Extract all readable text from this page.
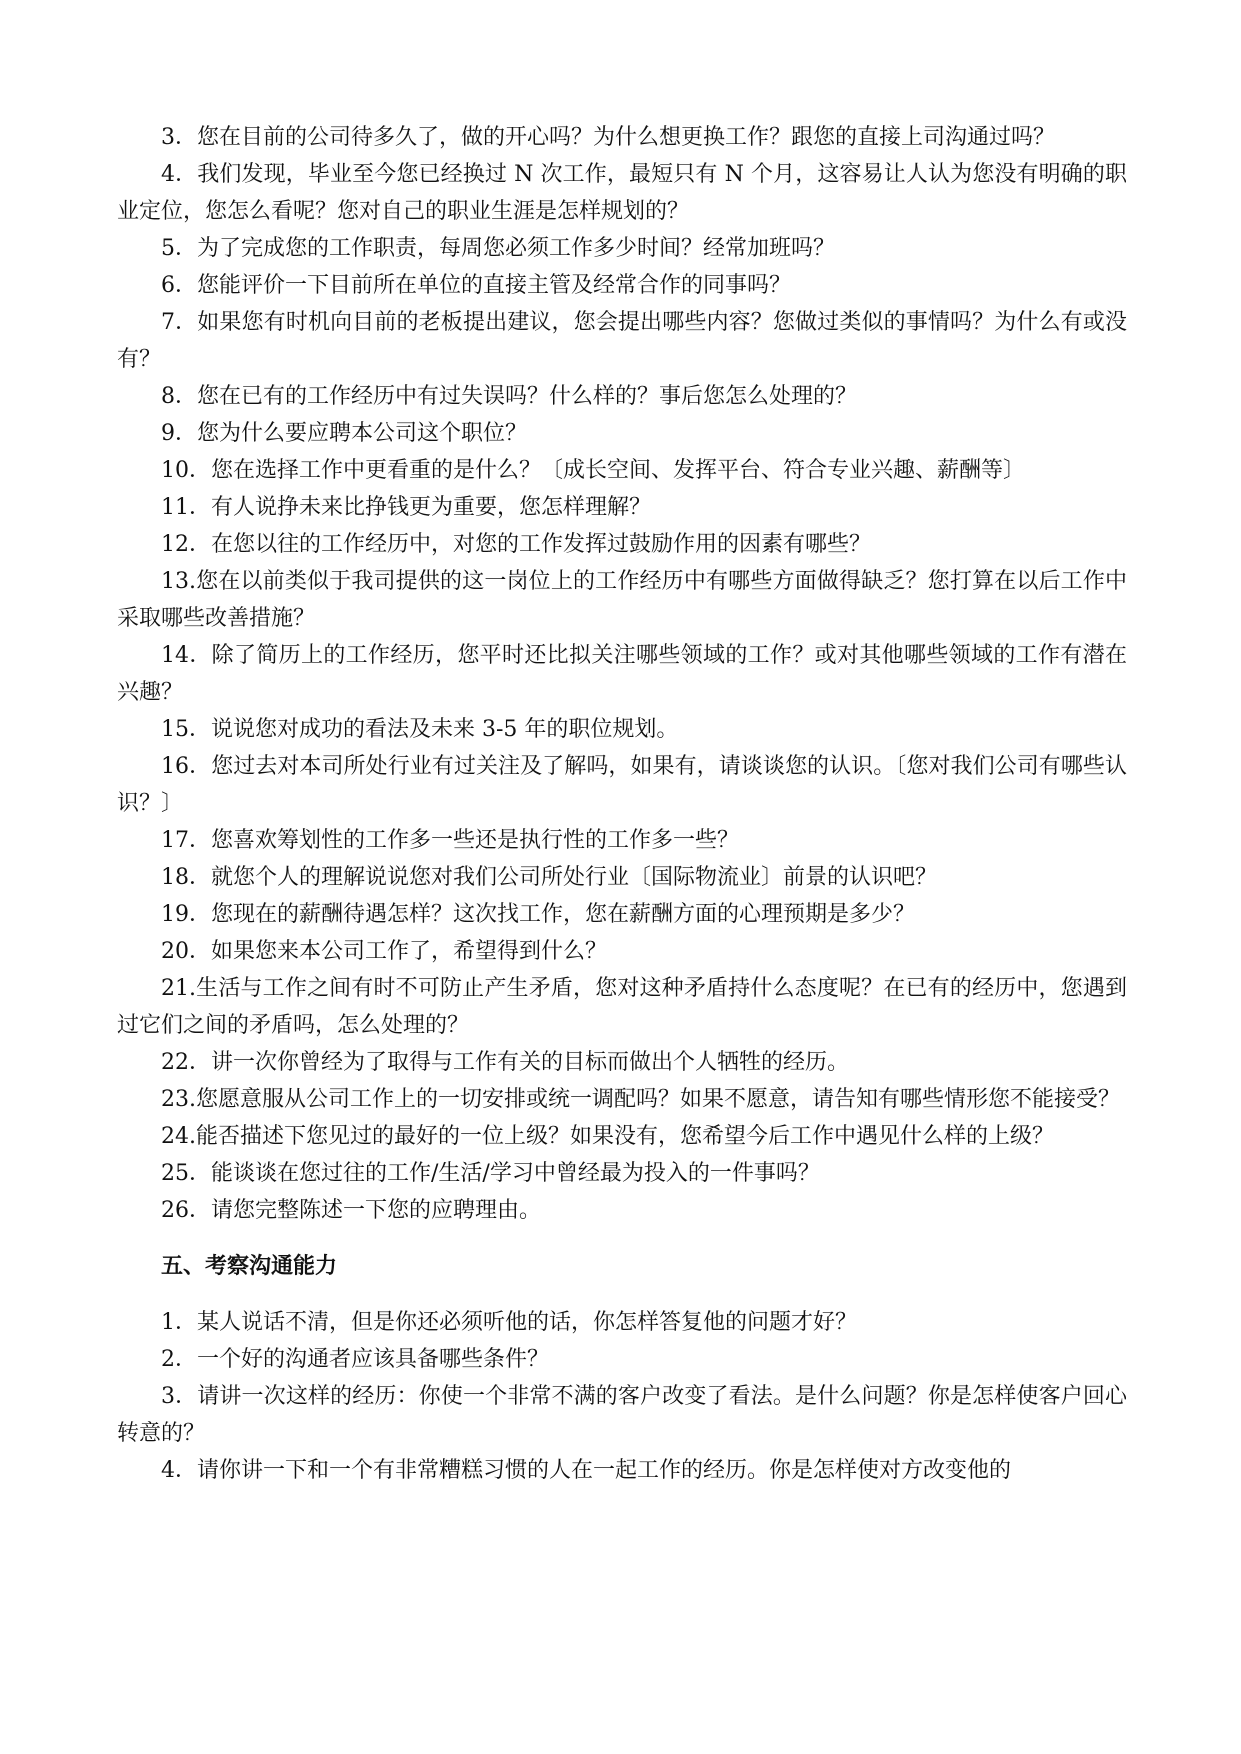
3．您在目前的公司待多久了，做的开心吗？为什么想更换工作？跟您的直接上司沟通过吗？

4．我们发现，毕业至今您已经换过 N 次工作，最短只有 N 个月，这容易让人认为您没有明确的职业定位，您怎么看呢？您对自己的职业生涯是怎样规划的？

5．为了完成您的工作职责，每周您必须工作多少时间？经常加班吗？

6．您能评价一下目前所在单位的直接主管及经常合作的同事吗？

7．如果您有时机向目前的老板提出建议，您会提出哪些内容？您做过类似的事情吗？为什么有或没有？

8．您在已有的工作经历中有过失误吗？什么样的？事后您怎么处理的？

9．您为什么要应聘本公司这个职位？

10．您在选择工作中更看重的是什么？〔成长空间、发挥平台、符合专业兴趣、薪酬等〕

11．有人说挣未来比挣钱更为重要，您怎样理解？

12．在您以往的工作经历中，对您的工作发挥过鼓励作用的因素有哪些？

13.您在以前类似于我司提供的这一岗位上的工作经历中有哪些方面做得缺乏？您打算在以后工作中采取哪些改善措施？

14．除了简历上的工作经历，您平时还比拟关注哪些领域的工作？或对其他哪些领域的工作有潜在兴趣？

15．说说您对成功的看法及未来 3-5 年的职位规划。

16．您过去对本司所处行业有过关注及了解吗，如果有，请谈谈您的认识。〔您对我们公司有哪些认识？〕

17．您喜欢筹划性的工作多一些还是执行性的工作多一些？

18．就您个人的理解说说您对我们公司所处行业〔国际物流业〕前景的认识吧？

19．您现在的薪酬待遇怎样？这次找工作，您在薪酬方面的心理预期是多少？

20．如果您来本公司工作了，希望得到什么？

21.生活与工作之间有时不可防止产生矛盾，您对这种矛盾持什么态度呢？在已有的经历中，您遇到过它们之间的矛盾吗，怎么处理的？

22．讲一次你曾经为了取得与工作有关的目标而做出个人牺牲的经历。

23.您愿意服从公司工作上的一切安排或统一调配吗？如果不愿意，请告知有哪些情形您不能接受？

24.能否描述下您见过的最好的一位上级？如果没有，您希望今后工作中遇见什么样的上级？

25．能谈谈在您过往的工作/生活/学习中曾经最为投入的一件事吗？

26．请您完整陈述一下您的应聘理由。

五、考察沟通能力

1．某人说话不清，但是你还必须听他的话，你怎样答复他的问题才好？

2．一个好的沟通者应该具备哪些条件？

3．请讲一次这样的经历：你使一个非常不满的客户改变了看法。是什么问题？你是怎样使客户回心转意的？

4．请你讲一下和一个有非常糟糕习惯的人在一起工作的经历。你是怎样使对方改变他的
